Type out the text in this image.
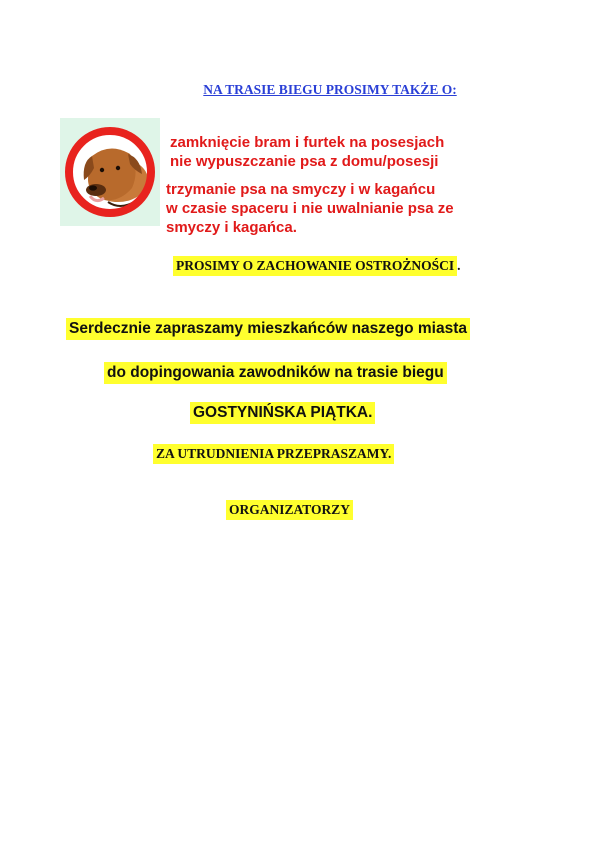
NA TRASIE BIEGU PROSIMY TAKŻE O:
zamknięcie bram i furtek na posesjach
nie wypuszczanie psa z domu/posesji
trzymanie psa na smyczy i w kagańcu
w czasie spaceru i nie uwalnianie psa ze
smyczy i kagańca.
PROSIMY O ZACHOWANIE OSTROŻNOŚCI .
Serdecznie zapraszamy mieszkańców naszego miasta
do dopingowania zawodników na trasie biegu
GOSTYNIŃSKA PIĄTKA.
ZA UTRUDNIENIA PRZEPRASZAMY.
ORGANIZATORZY
